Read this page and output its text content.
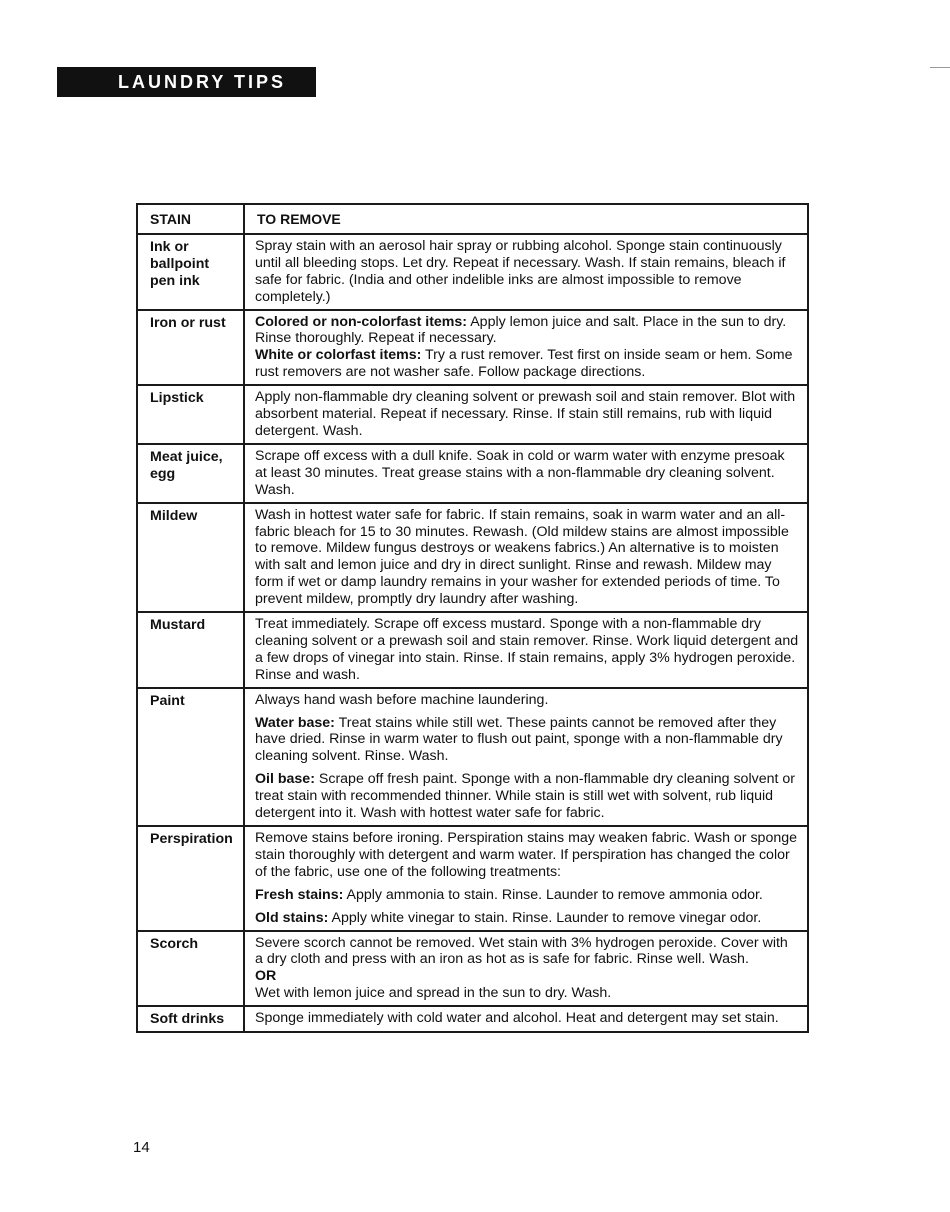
LAUNDRY TIPS
STAIN	TO REMOVE
Ink or ballpoint pen ink	Spray stain with an aerosol hair spray or rubbing alcohol. Sponge stain continuously until all bleeding stops. Let dry. Repeat if necessary. Wash. If stain remains, bleach if safe for fabric. (India and other indelible inks are almost impossible to remove completely.)

Iron or rust	Colored or non-colorfast items: Apply lemon juice and salt. Place in the sun to dry. Rinse thoroughly. Repeat if necessary.

White or colorfast items: Try a rust remover. Test first on inside seam or hem. Some rust removers are not washer safe. Follow package directions.

Lipstick	Apply non-flammable dry cleaning solvent or prewash soil and stain remover. Blot with absorbent material. Repeat if necessary. Rinse. If stain still remains, rub with liquid detergent. Wash.

Meat juice, egg	Scrape off excess with a dull knife. Soak in cold or warm water with enzyme presoak at least 30 minutes. Treat grease stains with a non-flammable dry cleaning solvent. Wash.

Mildew	Wash in hottest water safe for fabric. If stain remains, soak in warm water and an all-fabric bleach for 15 to 30 minutes. Rewash. (Old mildew stains are almost impossible to remove. Mildew fungus destroys or weakens fabrics.) An alternative is to moisten with salt and lemon juice and dry in direct sunlight. Rinse and rewash. Mildew may form if wet or damp laundry remains in your washer for extended periods of time. To prevent mildew, promptly dry laundry after washing.

Mustard	Treat immediately. Scrape off excess mustard. Sponge with a non-flammable dry cleaning solvent or a prewash soil and stain remover. Rinse. Work liquid detergent and a few drops of vinegar into stain. Rinse. If stain remains, apply 3% hydrogen peroxide. Rinse and wash.

Paint	Always hand wash before machine laundering.

Water base: Treat stains while still wet. These paints cannot be removed after they have dried. Rinse in warm water to flush out paint, sponge with a non-flammable dry cleaning solvent. Rinse. Wash.

Oil base: Scrape off fresh paint. Sponge with a non-flammable dry cleaning solvent or treat stain with recommended thinner. While stain is still wet with solvent, rub liquid detergent into it. Wash with hottest water safe for fabric.

Perspiration	Remove stains before ironing. Perspiration stains may weaken fabric. Wash or sponge stain thoroughly with detergent and warm water. If perspiration has changed the color of the fabric, use one of the following treatments:

Fresh stains: Apply ammonia to stain. Rinse. Launder to remove ammonia odor.

Old stains: Apply white vinegar to stain. Rinse. Launder to remove vinegar odor.

Scorch	Severe scorch cannot be removed. Wet stain with 3% hydrogen peroxide. Cover with a dry cloth and press with an iron as hot as is safe for fabric. Rinse well. Wash.

OR

Wet with lemon juice and spread in the sun to dry. Wash.

Soft drinks	Sponge immediately with cold water and alcohol. Heat and detergent may set stain.

14
